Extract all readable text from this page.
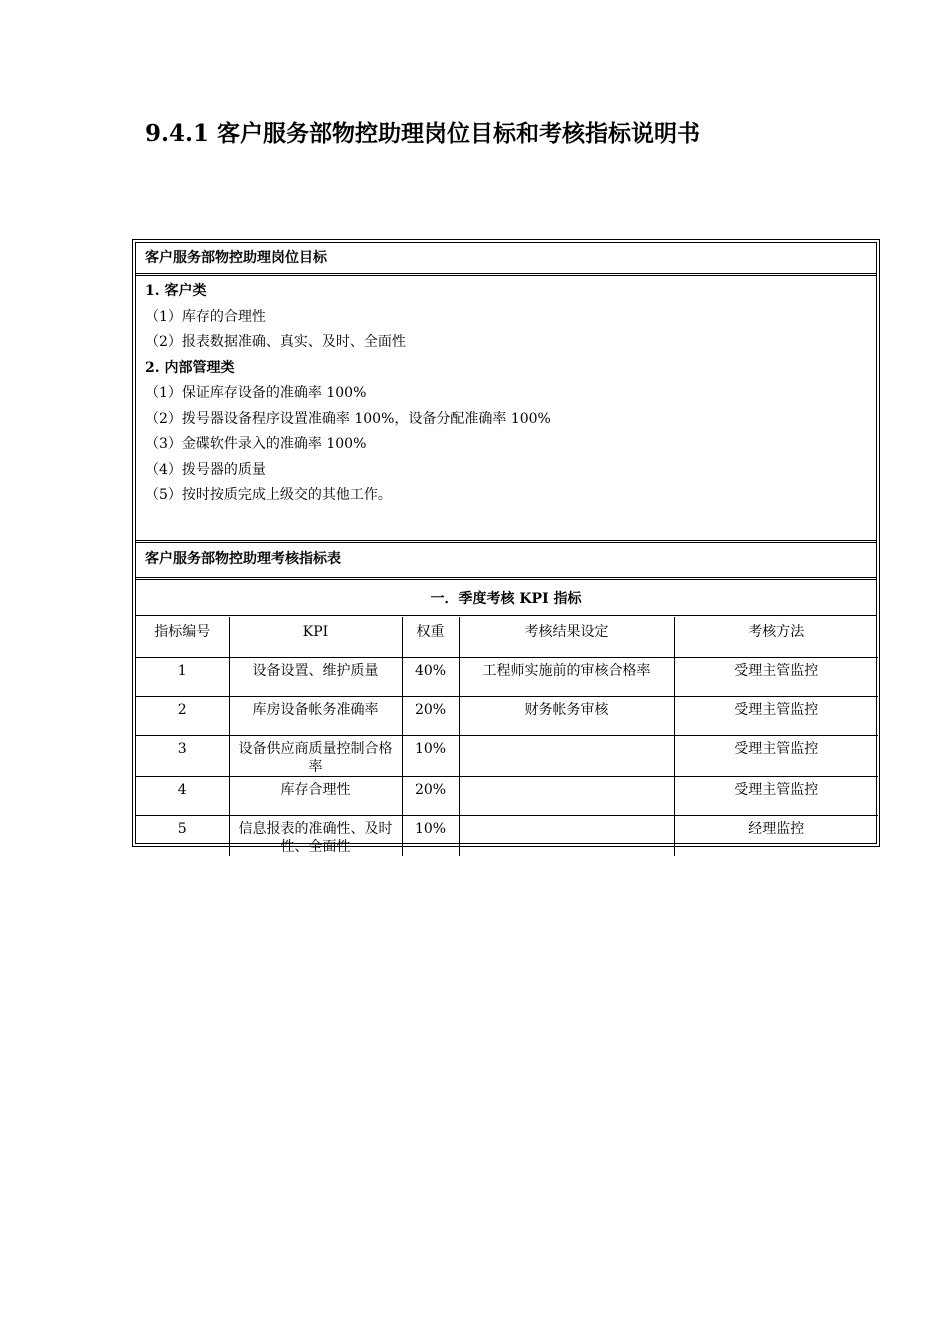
9.4.1 客户服务部物控助理岗位目标和考核指标说明书
客户服务部物控助理岗位目标
1. 客户类
（1）库存的合理性
（2）报表数据准确、真实、及时、全面性
2. 内部管理类
（1）保证库存设备的准确率 100%
（2）拨号器设备程序设置准确率 100%，设备分配准确率 100%
（3）金碟软件录入的准确率 100%
（4）拨号器的质量
（5）按时按质完成上级交的其他工作。
客户服务部物控助理考核指标表
一．季度考核 KPI 指标
指标编号	KPI	权重	考核结果设定	考核方法
1	设备设置、维护质量	40%	工程师实施前的审核合格率	受理主管监控
2	库房设备帐务准确率	20%	财务帐务审核	受理主管监控
3	设备供应商质量控制合格率	10%		受理主管监控
4	库存合理性	20%		受理主管监控
5	信息报表的准确性、及时性、全面性	10%		经理监控
